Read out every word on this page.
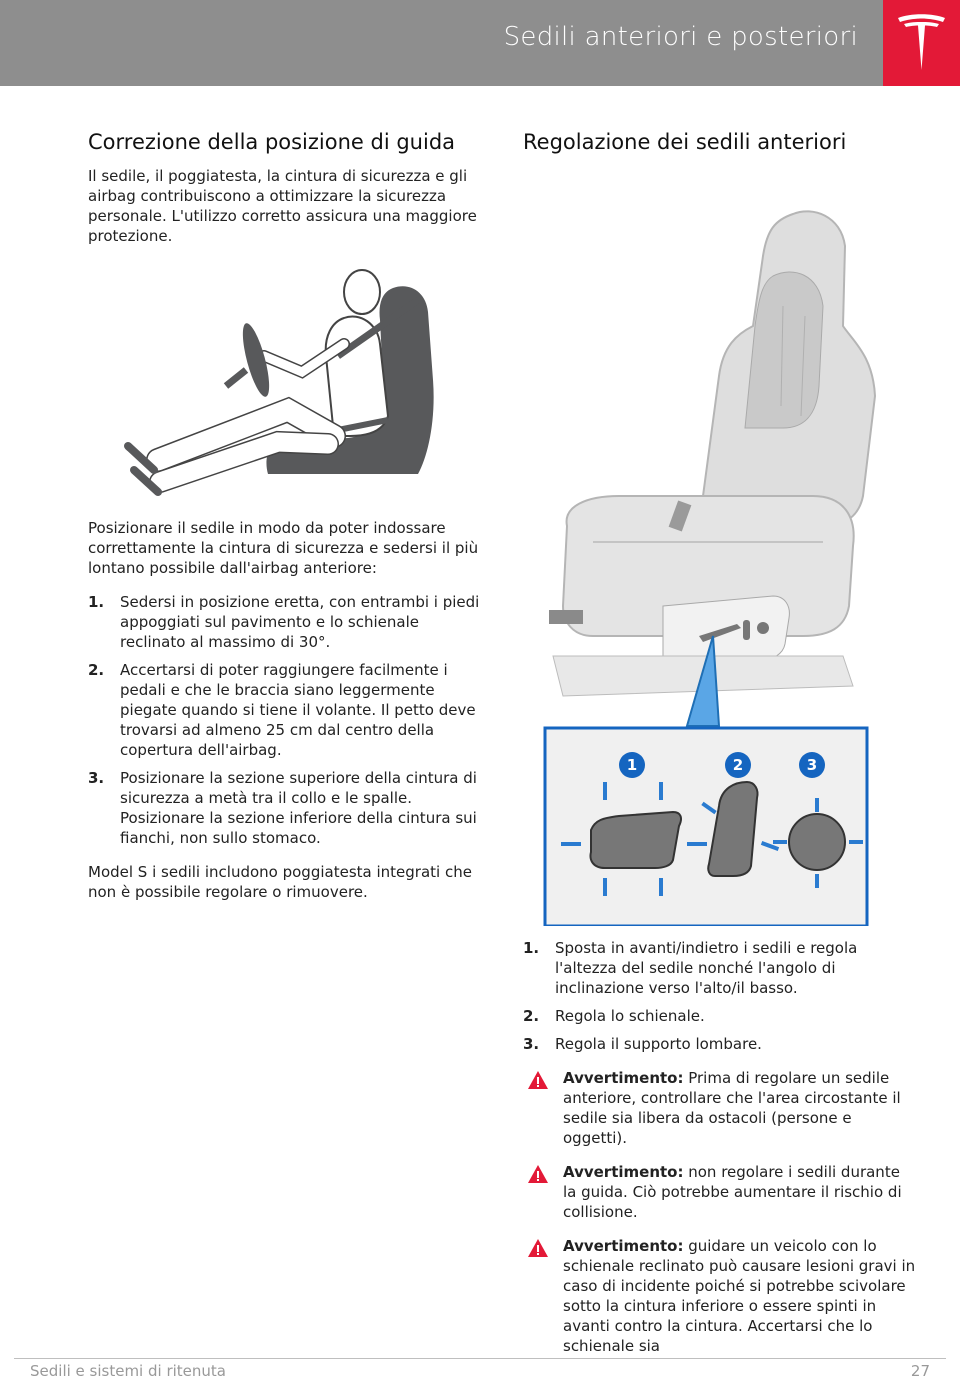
Sedili anteriori e posteriori
Correzione della posizione di guida

Il sedile, il poggiatesta, la cintura di sicurezza e gli airbag contribuiscono a ottimizzare la sicurezza personale. L'utilizzo corretto assicura una maggiore protezione.

Posizionare il sedile in modo da poter indossare correttamente la cintura di sicurezza e sedersi il più lontano possibile dall'airbag anteriore:

1. Sedersi in posizione eretta, con entrambi i piedi appoggiati sul pavimento e lo schienale reclinato al massimo di 30°.
2. Accertarsi di poter raggiungere facilmente i pedali e che le braccia siano leggermente piegate quando si tiene il volante. Il petto deve trovarsi ad almeno 25 cm dal centro della copertura dell'airbag.
3. Posizionare la sezione superiore della cintura di sicurezza a metà tra il collo e le spalle. Posizionare la sezione inferiore della cintura sui fianchi, non sullo stomaco.

Model S i sedili includono poggiatesta integrati che non è possibile regolare o rimuovere.

Regolazione dei sedili anteriori
1	2	3
1. Sposta in avanti/indietro i sedili e regola l'altezza del sedile nonché l'angolo di inclinazione verso l'alto/il basso.
2. Regola lo schienale.
3. Regola il supporto lombare.
Avvertimento: Prima di regolare un sedile anteriore, controllare che l'area circostante il sedile sia libera da ostacoli (persone e oggetti).
Avvertimento: non regolare i sedili durante la guida. Ciò potrebbe aumentare il rischio di collisione.
Avvertimento: guidare un veicolo con lo schienale reclinato può causare lesioni gravi in caso di incidente poiché si potrebbe scivolare sotto la cintura inferiore o essere spinti in avanti contro la cintura. Accertarsi che lo schienale sia
Sedili e sistemi di ritenuta	27
